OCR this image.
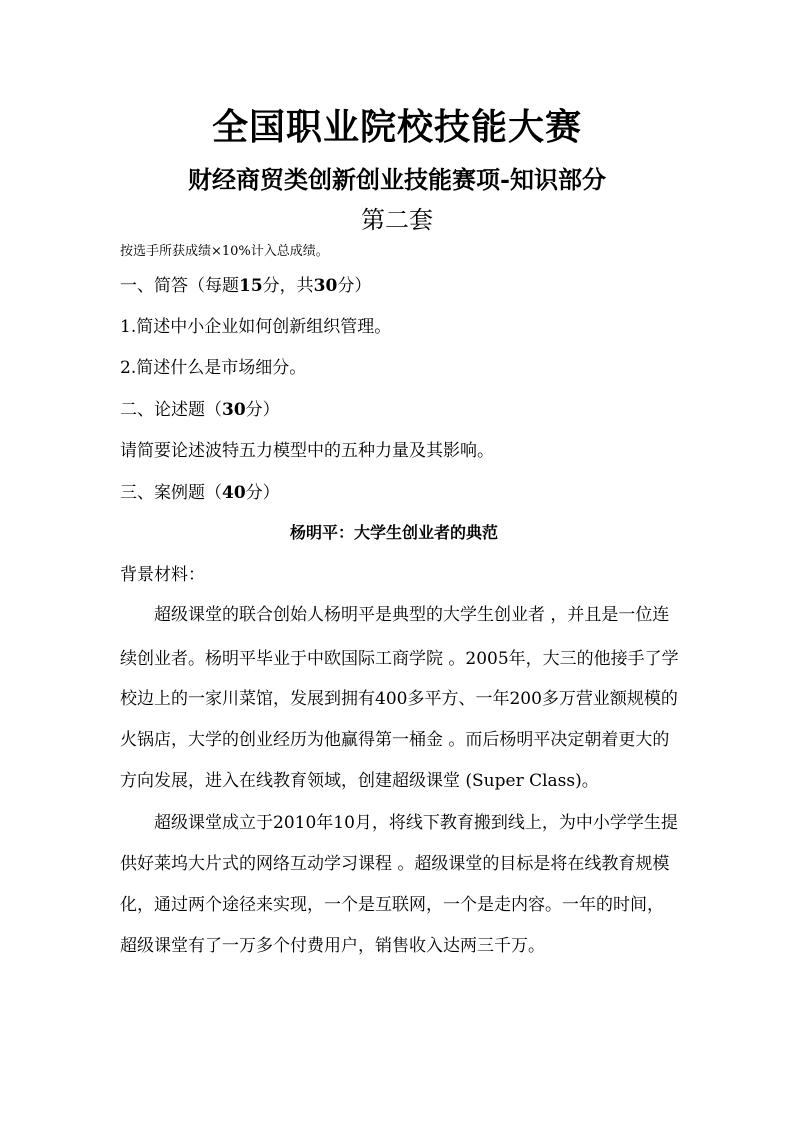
全国职业院校技能大赛
财经商贸类创新创业技能赛项-知识部分
第二套
按选手所获成绩×10%计入总成绩。
一、简答（每题15分，共30分）
1.简述中小企业如何创新组织管理。
2.简述什么是市场细分。
二、论述题（30分）
请简要论述波特五力模型中的五种力量及其影响。
三、案例题（40分）
杨明平：大学生创业者的典范
背景材料：
超级课堂的联合创始人杨明平是典型的大学生创业者 ，并且是一位连
续创业者。杨明平毕业于中欧国际工商学院 。2005年，大三的他接手了学
校边上的一家川菜馆，发展到拥有400多平方、一年200多万营业额规模的
火锅店，大学的创业经历为他赢得第一桶金 。而后杨明平决定朝着更大的
方向发展，进入在线教育领域，创建超级课堂 (Super Class)。
超级课堂成立于2010年10月，将线下教育搬到线上，为中小学学生提
供好莱坞大片式的网络互动学习课程 。超级课堂的目标是将在线教育规模
化，通过两个途径来实现，一个是互联网，一个是走内容。一年的时间，
超级课堂有了一万多个付费用户，销售收入达两三千万。
